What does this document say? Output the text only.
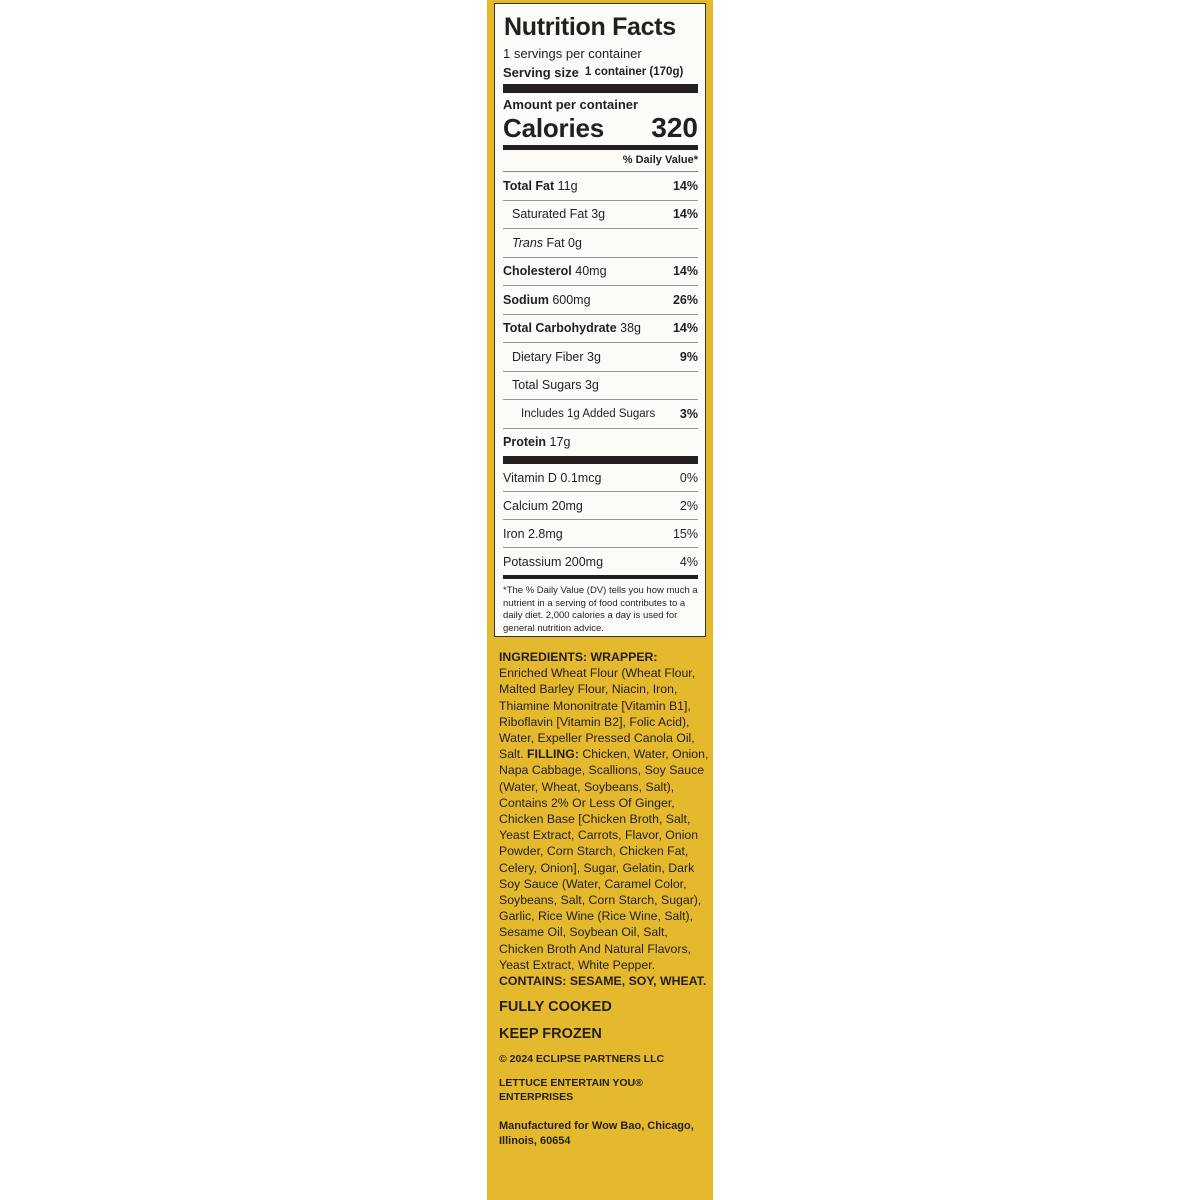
Nutrition Facts
1 servings per container
Serving size 1 container (170g)
Amount per container
Calories 320
% Daily Value*
Total Fat 11g	14%
Saturated Fat 3g	14%
Trans Fat 0g
Cholesterol 40mg	14%
Sodium 600mg	26%
Total Carbohydrate 38g	14%
Dietary Fiber 3g	9%
Total Sugars 3g
Includes 1g Added Sugars 3%
Protein 17g
Vitamin D 0.1mcg	0%
Calcium 20mg	2%
Iron 2.8mg	15%
Potassium 200mg	4%
*The % Daily Value (DV) tells you how much a nutrient in a serving of food contributes to a daily diet. 2,000 calories a day is used for general nutrition advice.
INGREDIENTS: WRAPPER:
Enriched Wheat Flour (Wheat Flour, Malted Barley Flour, Niacin, Iron, Thiamine Mononitrate [Vitamin B1], Riboflavin [Vitamin B2], Folic Acid), Water, Expeller Pressed Canola Oil, Salt. FILLING: Chicken, Water, Onion, Napa Cabbage, Scallions, Soy Sauce (Water, Wheat, Soybeans, Salt), Contains 2% Or Less Of Ginger, Chicken Base [Chicken Broth, Salt, Yeast Extract, Carrots, Flavor, Onion Powder, Corn Starch, Chicken Fat, Celery, Onion], Sugar, Gelatin, Dark Soy Sauce (Water, Caramel Color, Soybeans, Salt, Corn Starch, Sugar), Garlic, Rice Wine (Rice Wine, Salt), Sesame Oil, Soybean Oil, Salt, Chicken Broth And Natural Flavors, Yeast Extract, White Pepper.
CONTAINS: SESAME, SOY, WHEAT.
FULLY COOKED
KEEP FROZEN
© 2024 ECLIPSE PARTNERS LLC
LETTUCE ENTERTAIN YOU® ENTERPRISES
Manufactured for Wow Bao, Chicago, Illinois, 60654
